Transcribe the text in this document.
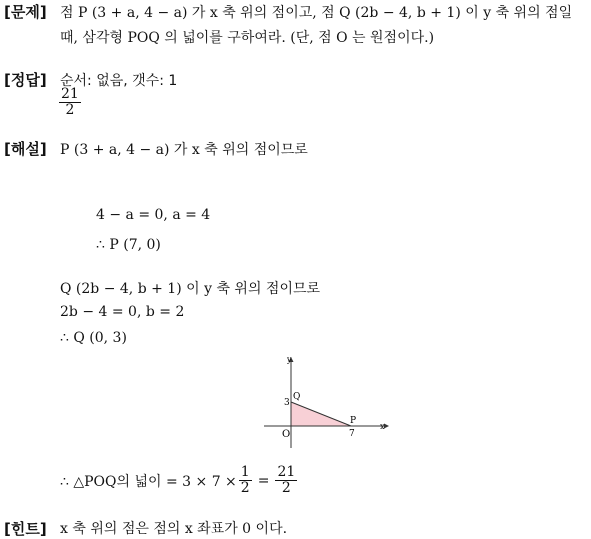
[문제] 점 P (3 + a, 4 − a) 가 x 축 위의 점이고, 점 Q (2b − 4, b + 1) 이 y 축 위의 점일
때, 삼각형 POQ 의 넓이를 구하여라. (단, 점 O 는 원점이다.)
[정답] 순서: 없음, 갯수: 1
$\frac{21}{2}$
[해설] P (3 + a, 4 − a) 가 x 축 위의 점이므로
4 − a = 0, a = 4
∴ P (7, 0)
Q (2b − 4, b + 1) 이 y 축 위의 점이므로
2b − 4 = 0, b = 2
∴ Q (0, 3)
y
x
O
Q
P
3
7
∴ △POQ의 넓이 = $3 \times 7 \times \frac{1}{2} = \frac{21}{2}$
[힌트] x 축 위의 점은 점의 x 좌표가 0 이다.
